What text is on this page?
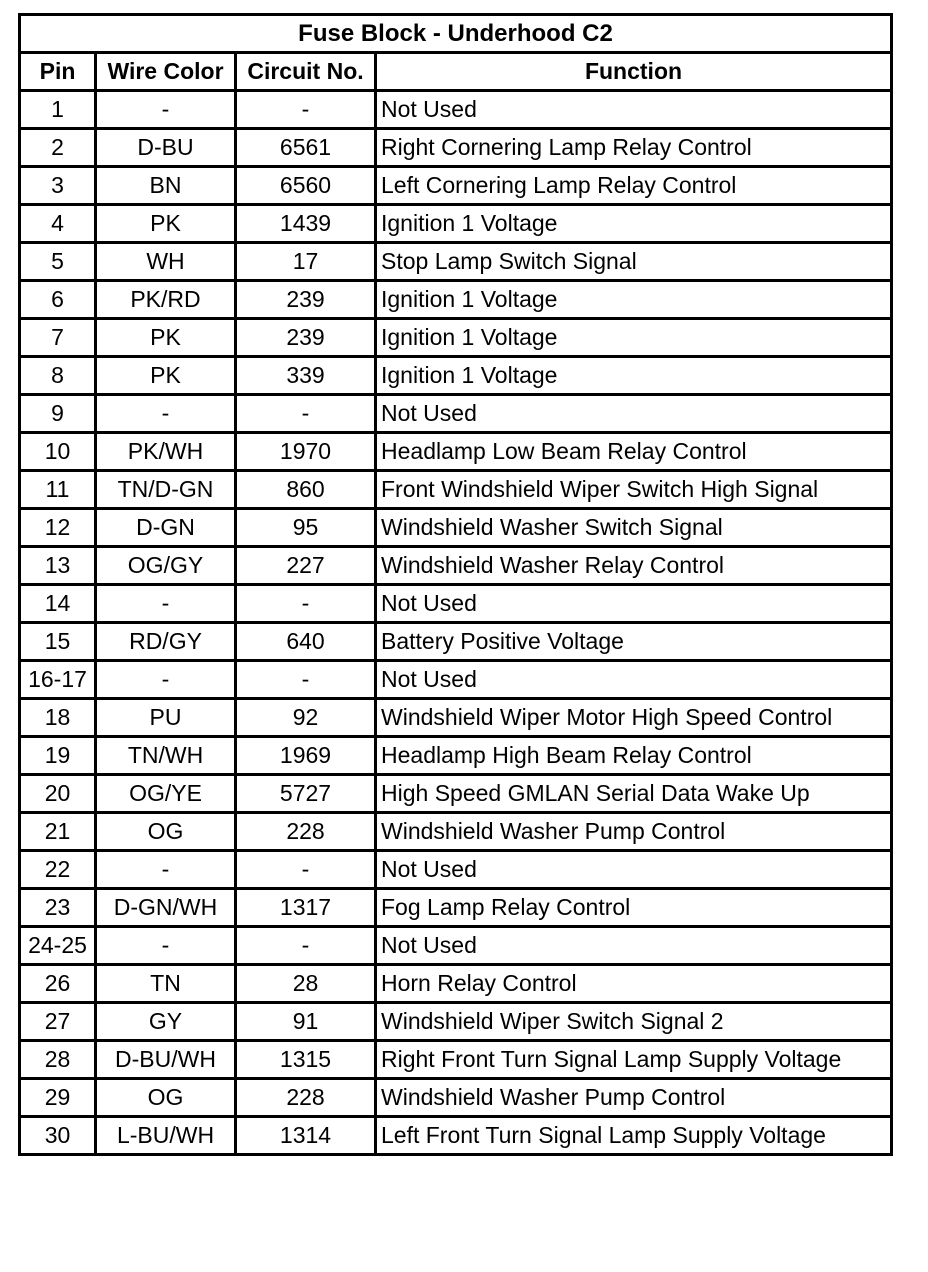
Fuse Block - Underhood C2			
Pin	Wire Color	Circuit No.	Function
1	-	-	Not Used
2	D-BU	6561	Right Cornering Lamp Relay Control
3	BN	6560	Left Cornering Lamp Relay Control
4	PK	1439	Ignition 1 Voltage
5	WH	17	Stop Lamp Switch Signal
6	PK/RD	239	Ignition 1 Voltage
7	PK	239	Ignition 1 Voltage
8	PK	339	Ignition 1 Voltage
9	-	-	Not Used
10	PK/WH	1970	Headlamp Low Beam Relay Control
11	TN/D-GN	860	Front Windshield Wiper Switch High Signal
12	D-GN	95	Windshield Washer Switch Signal
13	OG/GY	227	Windshield Washer Relay Control
14	-	-	Not Used
15	RD/GY	640	Battery Positive Voltage
16-17	-	-	Not Used
18	PU	92	Windshield Wiper Motor High Speed Control
19	TN/WH	1969	Headlamp High Beam Relay Control
20	OG/YE	5727	High Speed GMLAN Serial Data Wake Up
21	OG	228	Windshield Washer Pump Control
22	-	-	Not Used
23	D-GN/WH	1317	Fog Lamp Relay Control
24-25	-	-	Not Used
26	TN	28	Horn Relay Control
27	GY	91	Windshield Wiper Switch Signal 2
28	D-BU/WH	1315	Right Front Turn Signal Lamp Supply Voltage
29	OG	228	Windshield Washer Pump Control
30	L-BU/WH	1314	Left Front Turn Signal Lamp Supply Voltage
